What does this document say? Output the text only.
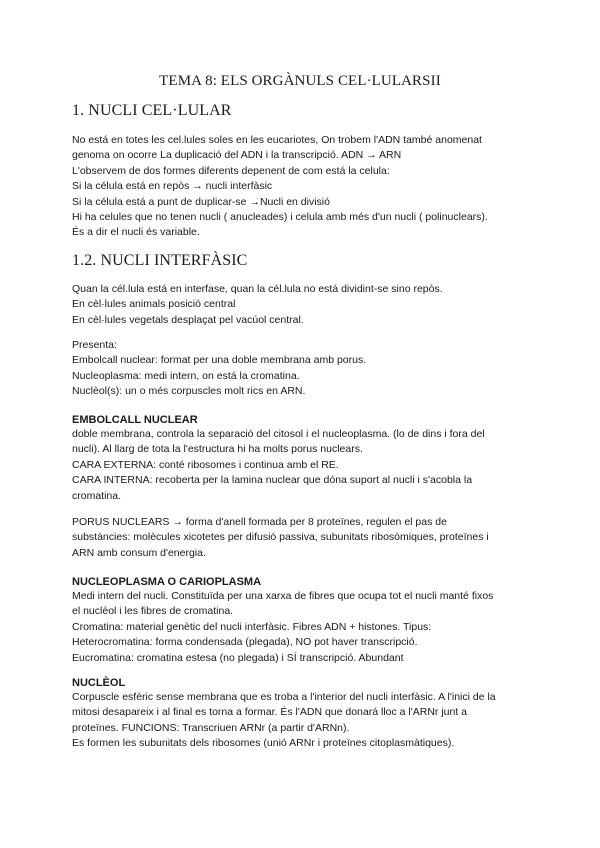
TEMA 8: ELS ORGÀNULS CEL·LULARSII
1. NUCLI CEL·LULAR
No está en totes les cel.lules soles en les eucariotes, On trobem l'ADN també anomenat
genoma on ocorre La duplicació del ADN i la transcripció. ADN → ARN
L'observem de dos formes diferents depenent de com está la celula:
Si la célula está en repòs → nucli interfàsic
Si la célula está a punt de duplicar-se →Nucli en divisió
Hi ha celules que no tenen nucli ( anucleades) i celula amb més d'un nucli ( polinuclears).
És a dir el nucli és variable.
1.2. NUCLI INTERFÀSIC
Quan la cél.lula está en interfase, quan la cél.lula no está dividint-se sino repòs.
En cèl·lules animals posició central
En cèl·lules vegetals desplaçat pel vacúol central.
Presenta:
Embolcall nuclear: format per una doble membrana amb porus.
Nucleoplasma: medi intern, on está la cromatina.
Nuclèol(s): un o més corpuscles molt rics en ARN.
EMBOLCALL NUCLEAR
doble membrana, controla la separació del citosol i el nucleoplasma. (lo de dins i fora del
nucli). Al llarg de tota la l'estructura hi ha molts porus nuclears.
CARA EXTERNA: conté ribosomes i continua amb el RE.
CARA INTERNA: recoberta per la lamina nuclear que dóna suport al nucli i s'acobla la
cromatina.
PORUS NUCLEARS → forma d'anell formada per 8 proteïnes, regulen el pas de
substàncies: molècules xicotetes per difusió passiva, subunitats ribosòmiques, proteïnes i
ARN amb consum d'energia.
NUCLEOPLASMA O CARIOPLASMA
Medi intern del nucli. Constituïda per una xarxa de fibres que ocupa tot el nucli manté fixos
el nuclèol i les fibres de cromatina.
Cromatina: material genètic del nucli interfàsic. Fibres ADN + histones. Tipus:
Heterocromatina: forma condensada (plegada), NO pot haver transcripció.
Eucromatina: cromatina estesa (no plegada) i SÍ transcripció. Abundant
NUCLÈOL
Corpuscle esfèric sense membrana que es troba a l'interior del nucli interfàsic. A l'inici de la
mitosi desapareix i al final es torna a formar. És l'ADN que donará lloc a l'ARNr junt a
proteïnes. FUNCIONS: Transcriuen ARNr (a partir d'ARNn).
Es formen les subunitats dels ribosomes (unió ARNr i proteïnes citoplasmàtiques).
